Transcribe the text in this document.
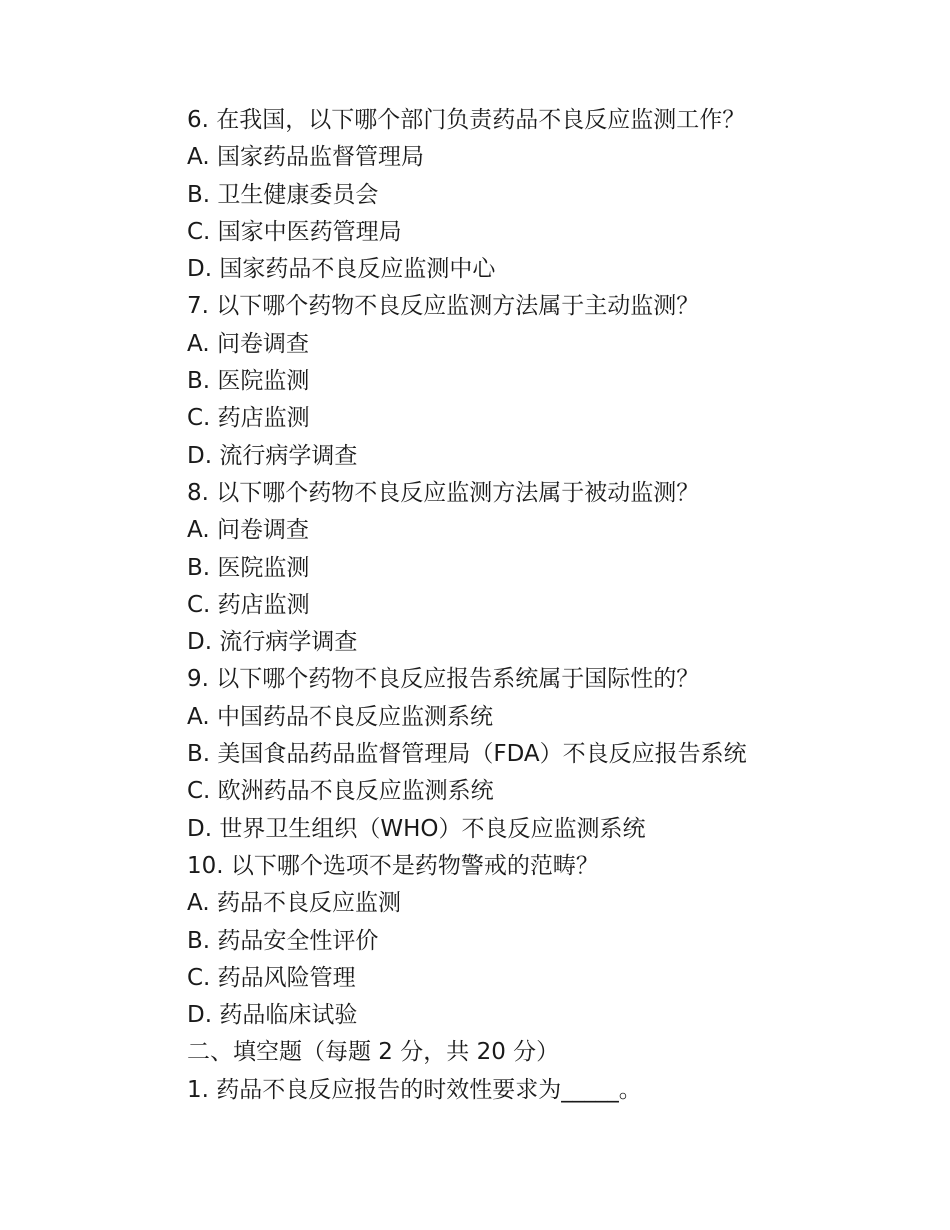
6. 在我国，以下哪个部门负责药品不良反应监测工作？
A. 国家药品监督管理局
B. 卫生健康委员会
C. 国家中医药管理局
D. 国家药品不良反应监测中心
7. 以下哪个药物不良反应监测方法属于主动监测？
A. 问卷调查
B. 医院监测
C. 药店监测
D. 流行病学调查
8. 以下哪个药物不良反应监测方法属于被动监测？
A. 问卷调查
B. 医院监测
C. 药店监测
D. 流行病学调查
9. 以下哪个药物不良反应报告系统属于国际性的？
A. 中国药品不良反应监测系统
B. 美国食品药品监督管理局（FDA）不良反应报告系统
C. 欧洲药品不良反应监测系统
D. 世界卫生组织（WHO）不良反应监测系统
10. 以下哪个选项不是药物警戒的范畴？
A. 药品不良反应监测
B. 药品安全性评价
C. 药品风险管理
D. 药品临床试验
二、填空题（每题 2 分，共 20 分）
1. 药品不良反应报告的时效性要求为_____。
